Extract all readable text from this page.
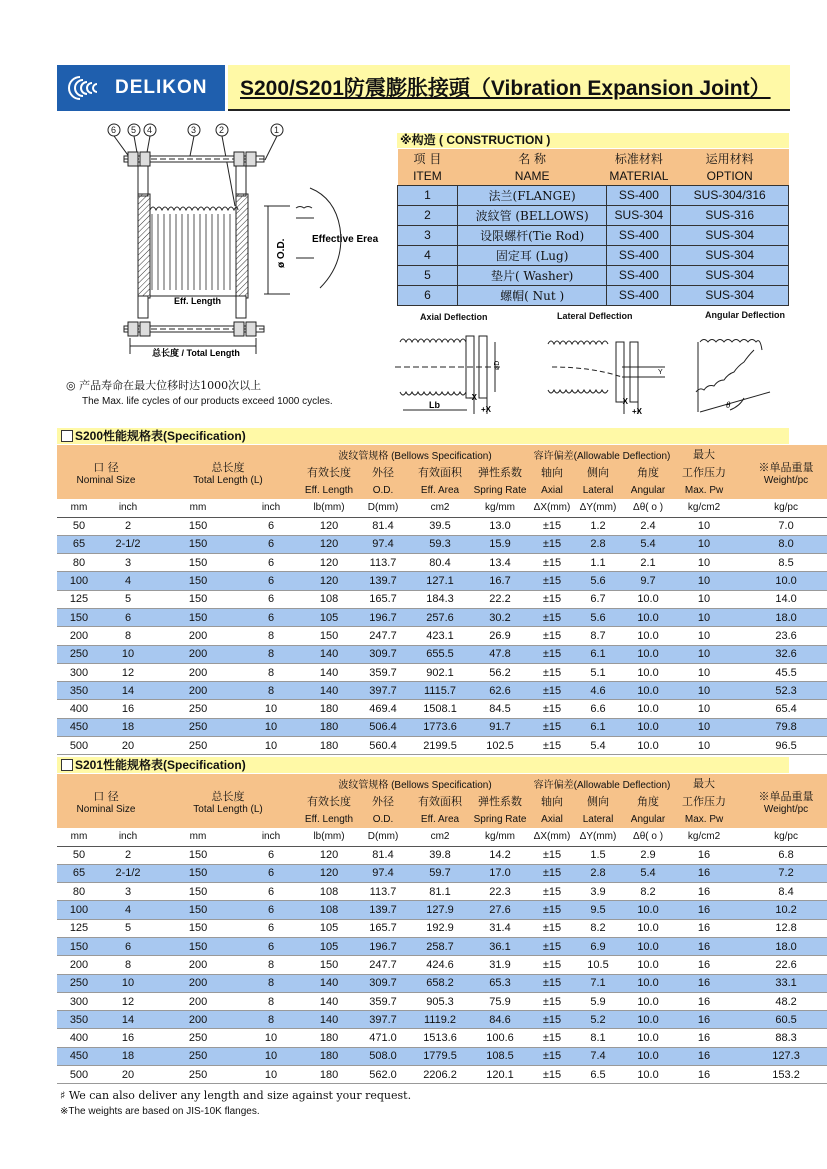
DELIKON S200/S201防震膨胀接頭（Vibration Expansion Joint）
6 5 4	3	2	1
ø O.D.	Effective Erea
Eff. Length
总长度 / Total Length
◎ 产品寿命在最大位移时达1000次以上
The Max. life cycles of our products exceed 1000 cycles.
※构造 ( CONSTRUCTION )
项 目	名 称	标准材料	运用材料
ITEM	NAME	MATERIAL	OPTION
1	法兰(FLANGE)	SS-400	SUS-304/316
2	波紋管 (BELLOWS)	SUS-304	SUS-316
3	设限螺杆(Tie Rod)	SS-400	SUS-304
4	固定耳 (Lug)	SS-400	SUS-304
5	垫片( Washer)	SS-400	SUS-304
6	螺帽( Nut )	SS-400	SUS-304
Axial Deflection	Lateral Deflection	Angular Deflection
øD
Lb
-X
+X
Y
-X
+X
θ
S200性能规格表(Specification)
口 径
Nominal Size		总长度
Total Length (L)		波纹管规格 (Bellows Specification)				容许偏差(Allowable Deflection)			最大	※单品重量
Weight/pc
				有效长度	外径	有效面积	弹性系数	轴向	侧向	角度	工作压力	
				Eff. Length	O.D.	Eff. Area	Spring Rate	Axial	Lateral	Angular	Max. Pw	
mm	inch	mm	inch	lb(mm)	D(mm)	cm2	kg/mm	ΔX(mm)	ΔY(mm)	Δθ( o )	kg/cm2	kg/pc
50	2	150	6	120	81.4	39.5	13.0	±15	1.2	2.4	10	7.0
65	2-1/2	150	6	120	97.4	59.3	15.9	±15	2.8	5.4	10	8.0
80	3	150	6	120	113.7	80.4	13.4	±15	1.1	2.1	10	8.5
100	4	150	6	120	139.7	127.1	16.7	±15	5.6	9.7	10	10.0
125	5	150	6	108	165.7	184.3	22.2	±15	6.7	10.0	10	14.0
150	6	150	6	105	196.7	257.6	30.2	±15	5.6	10.0	10	18.0
200	8	200	8	150	247.7	423.1	26.9	±15	8.7	10.0	10	23.6
250	10	200	8	140	309.7	655.5	47.8	±15	6.1	10.0	10	32.6
300	12	200	8	140	359.7	902.1	56.2	±15	5.1	10.0	10	45.5
350	14	200	8	140	397.7	1115.7	62.6	±15	4.6	10.0	10	52.3
400	16	250	10	180	469.4	1508.1	84.5	±15	6.6	10.0	10	65.4
450	18	250	10	180	506.4	1773.6	91.7	±15	6.1	10.0	10	79.8
500	20	250	10	180	560.4	2199.5	102.5	±15	5.4	10.0	10	96.5
S201性能规格表(Specification)
口 径
Nominal Size		总长度
Total Length (L)		波纹管规格 (Bellows Specification)				容许偏差(Allowable Deflection)			最大	※单品重量
Weight/pc
				有效长度	外径	有效面积	弹性系数	轴向	侧向	角度	工作压力	
				Eff. Length	O.D.	Eff. Area	Spring Rate	Axial	Lateral	Angular	Max. Pw	
mm	inch	mm	inch	lb(mm)	D(mm)	cm2	kg/mm	ΔX(mm)	ΔY(mm)	Δθ( o )	kg/cm2	kg/pc
50	2	150	6	120	81.4	39.8	14.2	±15	1.5	2.9	16	6.8
65	2-1/2	150	6	120	97.4	59.7	17.0	±15	2.8	5.4	16	7.2
80	3	150	6	108	113.7	81.1	22.3	±15	3.9	8.2	16	8.4
100	4	150	6	108	139.7	127.9	27.6	±15	9.5	10.0	16	10.2
125	5	150	6	105	165.7	192.9	31.4	±15	8.2	10.0	16	12.8
150	6	150	6	105	196.7	258.7	36.1	±15	6.9	10.0	16	18.0
200	8	200	8	150	247.7	424.6	31.9	±15	10.5	10.0	16	22.6
250	10	200	8	140	309.7	658.2	65.3	±15	7.1	10.0	16	33.1
300	12	200	8	140	359.7	905.3	75.9	±15	5.9	10.0	16	48.2
350	14	200	8	140	397.7	1119.2	84.6	±15	5.2	10.0	16	60.5
400	16	250	10	180	471.0	1513.6	100.6	±15	8.1	10.0	16	88.3
450	18	250	10	180	508.0	1779.5	108.5	±15	7.4	10.0	16	127.3
500	20	250	10	180	562.0	2206.2	120.1	±15	6.5	10.0	16	153.2
♯ We can also deliver any length and size against your request.
※The weights are based on JIS-10K flanges.
